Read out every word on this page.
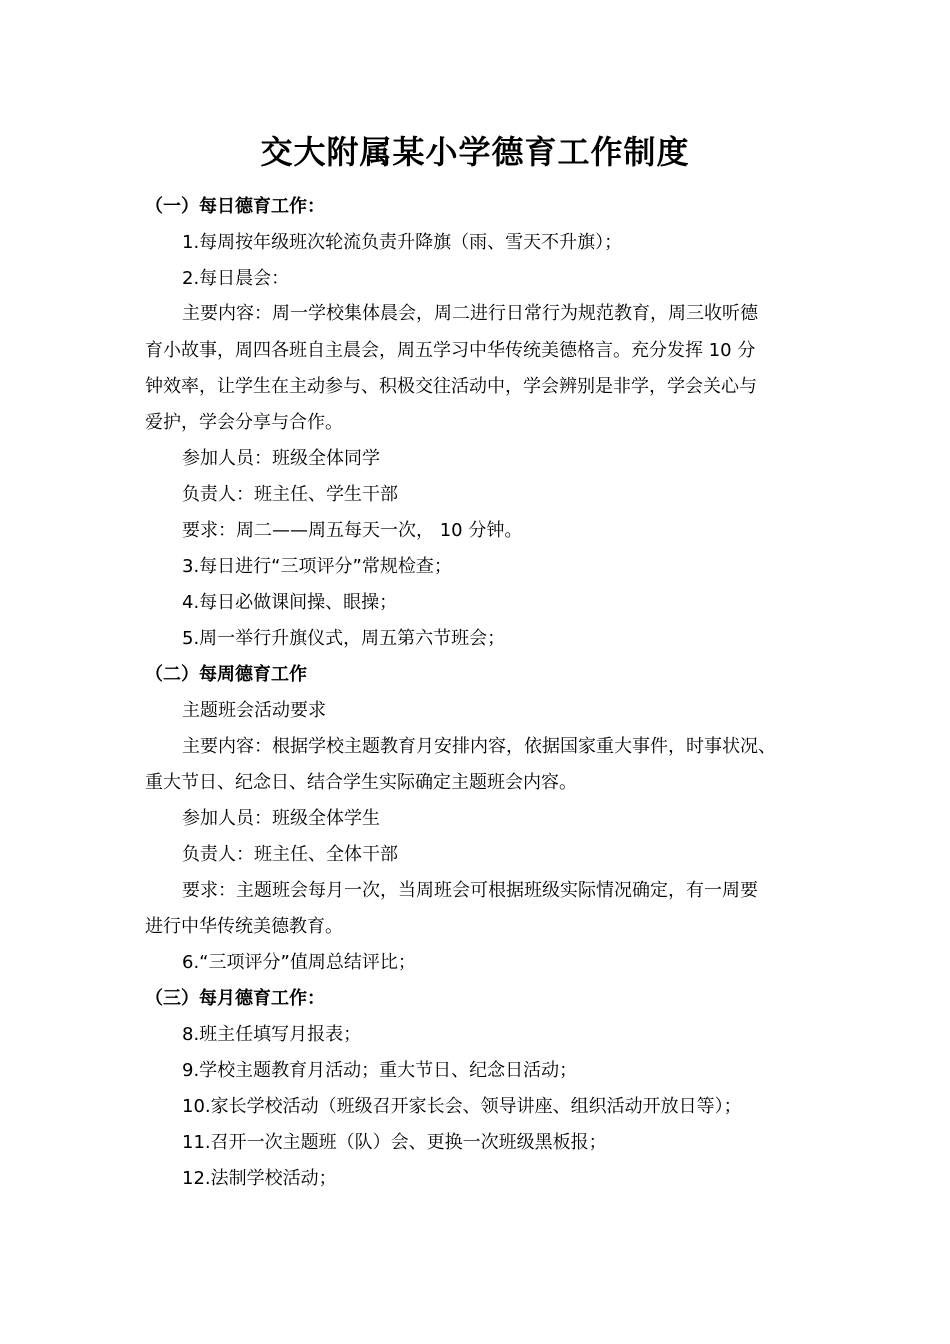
交大附属某小学德育工作制度
（一）每日德育工作：
1.每周按年级班次轮流负责升降旗（雨、雪天不升旗）；
2.每日晨会：
主要内容：周一学校集体晨会，周二进行日常行为规范教育，周三收听德
育小故事，周四各班自主晨会，周五学习中华传统美德格言。充分发挥 10 分
钟效率，让学生在主动参与、积极交往活动中，学会辨别是非学，学会关心与
爱护，学会分享与合作。
参加人员：班级全体同学
负责人：班主任、学生干部
要求：周二——周五每天一次， 10 分钟。
3.每日进行“三项评分”常规检查；
4.每日必做课间操、眼操；
5.周一举行升旗仪式，周五第六节班会；
（二）每周德育工作
主题班会活动要求
主要内容：根据学校主题教育月安排内容，依据国家重大事件，时事状况、
重大节日、纪念日、结合学生实际确定主题班会内容。
参加人员：班级全体学生
负责人：班主任、全体干部
要求：主题班会每月一次，当周班会可根据班级实际情况确定，有一周要
进行中华传统美德教育。
6.“三项评分”值周总结评比；
（三）每月德育工作：
8.班主任填写月报表；
9.学校主题教育月活动；重大节日、纪念日活动；
10.家长学校活动（班级召开家长会、领导讲座、组织活动开放日等）；
11.召开一次主题班（队）会、更换一次班级黑板报；
12.法制学校活动；
